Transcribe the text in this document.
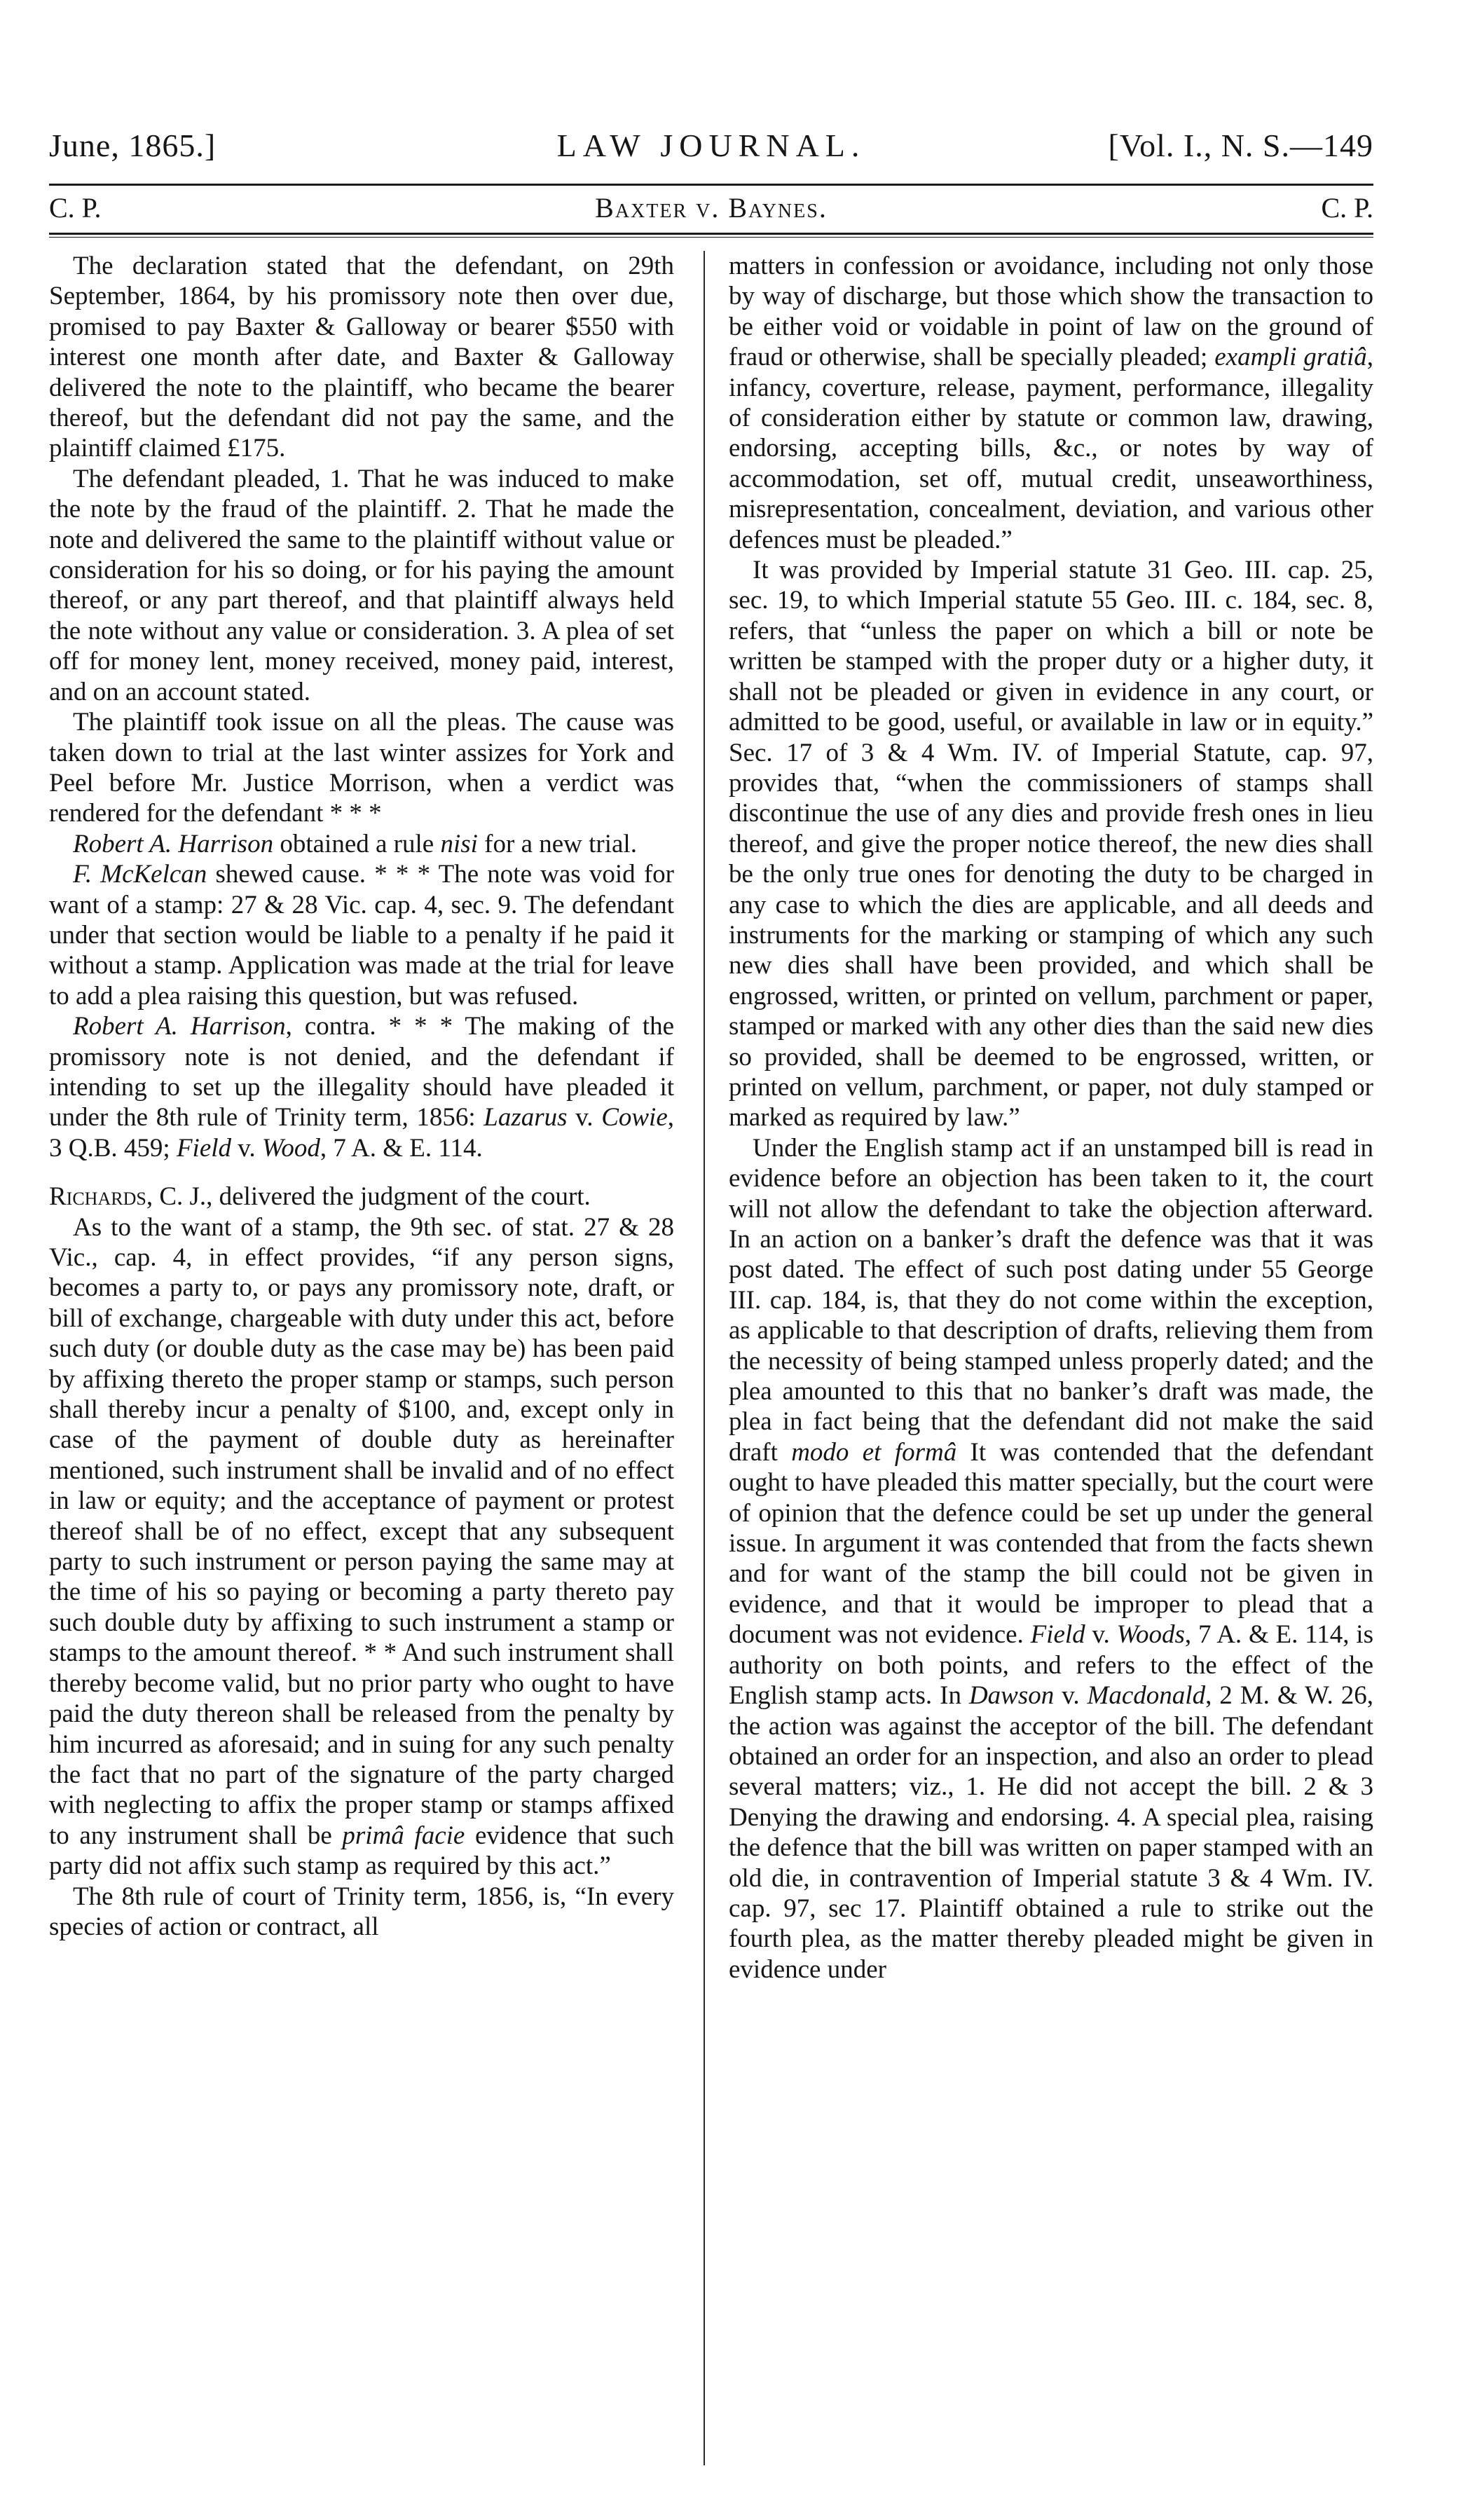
June, 1865.]	LAW JOURNAL.	[Vol. I., N. S.—149
C. P.	Baxter v. Baynes.	C. P.

The declaration stated that the defendant, on 29th September, 1864, by his promissory note then over due, promised to pay Baxter & Galloway or bearer $550 with interest one month after date, and Baxter & Galloway delivered the note to the plaintiff, who became the bearer thereof, but the defendant did not pay the same, and the plaintiff claimed £175.

The defendant pleaded, 1. That he was induced to make the note by the fraud of the plaintiff. 2. That he made the note and delivered the same to the plaintiff without value or consideration for his so doing, or for his paying the amount thereof, or any part thereof, and that plaintiff always held the note without any value or consideration. 3. A plea of set off for money lent, money received, money paid, interest, and on an account stated.

The plaintiff took issue on all the pleas. The cause was taken down to trial at the last winter assizes for York and Peel before Mr. Justice Morrison, when a verdict was rendered for the defendant * * *

Robert A. Harrison obtained a rule nisi for a new trial.

F. McKelcan shewed cause. * * * The note was void for want of a stamp: 27 & 28 Vic. cap. 4, sec. 9. The defendant under that section would be liable to a penalty if he paid it without a stamp. Application was made at the trial for leave to add a plea raising this question, but was refused.

Robert A. Harrison, contra. * * * The making of the promissory note is not denied, and the defendant if intending to set up the illegality should have pleaded it under the 8th rule of Trinity term, 1856: Lazarus v. Cowie, 3 Q.B. 459; Field v. Wood, 7 A. & E. 114.

Richards, C. J., delivered the judgment of the court.

As to the want of a stamp, the 9th sec. of stat. 27 & 28 Vic., cap. 4, in effect provides, “if any person signs, becomes a party to, or pays any promissory note, draft, or bill of exchange, chargeable with duty under this act, before such duty (or double duty as the case may be) has been paid by affixing thereto the proper stamp or stamps, such person shall thereby incur a penalty of $100, and, except only in case of the payment of double duty as hereinafter mentioned, such instrument shall be invalid and of no effect in law or equity; and the acceptance of payment or protest thereof shall be of no effect, except that any subsequent party to such instrument or person paying the same may at the time of his so paying or becoming a party thereto pay such double duty by affixing to such instrument a stamp or stamps to the amount thereof. * * And such instrument shall thereby become valid, but no prior party who ought to have paid the duty thereon shall be released from the penalty by him incurred as aforesaid; and in suing for any such penalty the fact that no part of the signature of the party charged with neglecting to affix the proper stamp or stamps affixed to any instrument shall be primâ facie evidence that such party did not affix such stamp as required by this act.”

The 8th rule of court of Trinity term, 1856, is, “In every species of action or contract, all

matters in confession or avoidance, including not only those by way of discharge, but those which show the transaction to be either void or voidable in point of law on the ground of fraud or otherwise, shall be specially pleaded; exampli gratiâ, infancy, coverture, release, payment, performance, illegality of consideration either by statute or common law, drawing, endorsing, accepting bills, &c., or notes by way of accommodation, set off, mutual credit, unseaworthiness, misrepresentation, concealment, deviation, and various other defences must be pleaded.”

It was provided by Imperial statute 31 Geo. III. cap. 25, sec. 19, to which Imperial statute 55 Geo. III. c. 184, sec. 8, refers, that “unless the paper on which a bill or note be written be stamped with the proper duty or a higher duty, it shall not be pleaded or given in evidence in any court, or admitted to be good, useful, or available in law or in equity.” Sec. 17 of 3 & 4 Wm. IV. of Imperial Statute, cap. 97, provides that, “when the commissioners of stamps shall discontinue the use of any dies and provide fresh ones in lieu thereof, and give the proper notice thereof, the new dies shall be the only true ones for denoting the duty to be charged in any case to which the dies are applicable, and all deeds and instruments for the marking or stamping of which any such new dies shall have been provided, and which shall be engrossed, written, or printed on vellum, parchment or paper, stamped or marked with any other dies than the said new dies so provided, shall be deemed to be engrossed, written, or printed on vellum, parchment, or paper, not duly stamped or marked as required by law.”

Under the English stamp act if an unstamped bill is read in evidence before an objection has been taken to it, the court will not allow the defendant to take the objection afterward. In an action on a banker’s draft the defence was that it was post dated. The effect of such post dating under 55 George III. cap. 184, is, that they do not come within the exception, as applicable to that description of drafts, relieving them from the necessity of being stamped unless properly dated; and the plea amounted to this that no banker’s draft was made, the plea in fact being that the defendant did not make the said draft modo et formâ It was contended that the defendant ought to have pleaded this matter specially, but the court were of opinion that the defence could be set up under the general issue. In argument it was contended that from the facts shewn and for want of the stamp the bill could not be given in evidence, and that it would be improper to plead that a document was not evidence. Field v. Woods, 7 A. & E. 114, is authority on both points, and refers to the effect of the English stamp acts. In Dawson v. Macdonald, 2 M. & W. 26, the action was against the acceptor of the bill. The defendant obtained an order for an inspection, and also an order to plead several matters; viz., 1. He did not accept the bill. 2 & 3 Denying the drawing and endorsing. 4. A special plea, raising the defence that the bill was written on paper stamped with an old die, in contravention of Imperial statute 3 & 4 Wm. IV. cap. 97, sec 17. Plaintiff obtained a rule to strike out the fourth plea, as the matter thereby pleaded might be given in evidence under
